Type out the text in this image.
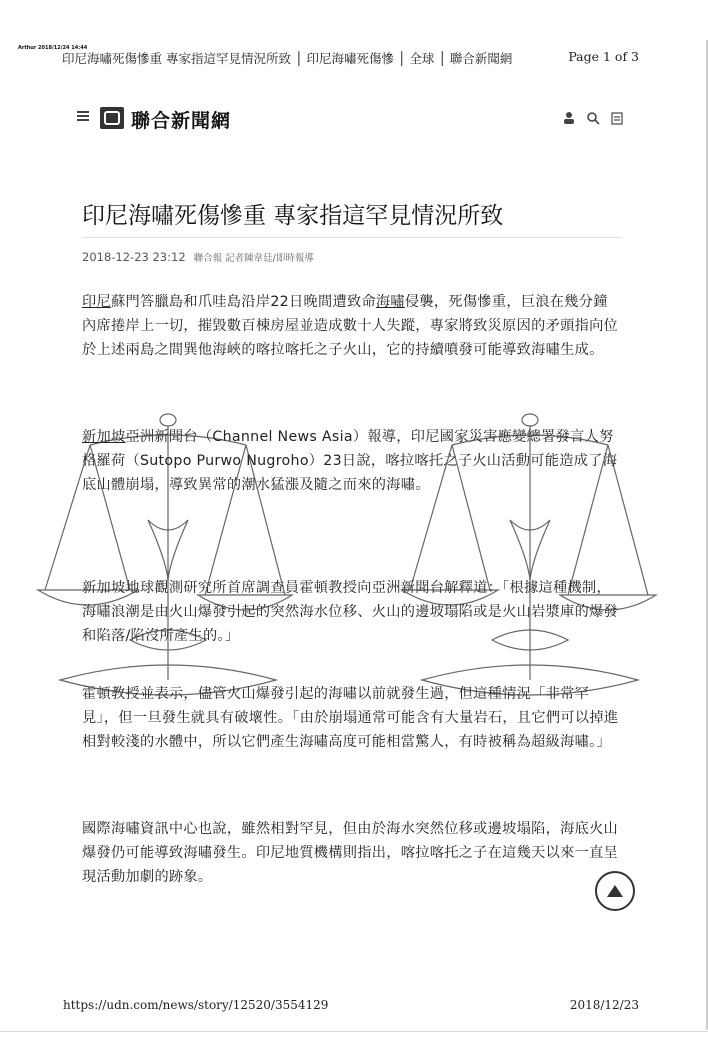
Arthur 2018/12/24 14:44
印尼海嘯死傷慘重 專家指這罕見情況所致 │ 印尼海嘯死傷慘 │ 全球 │ 聯合新聞網	Page 1 of 3
聯合新聞網
印尼海嘯死傷慘重 專家指這罕見情況所致
2018-12-23 23:12 聯合報 記者陳韋廷/即時報導

印尼蘇門答臘島和爪哇島沿岸22日晚間遭致命海嘯侵襲，死傷慘重，巨浪在幾分鐘內席捲岸上一切，摧毀數百棟房屋並造成數十人失蹤，專家將致災原因的矛頭指向位於上述兩島之間巽他海峽的喀拉喀托之子火山，它的持續噴發可能導致海嘯生成。

新加坡亞洲新聞台（Channel News Asia）報導，印尼國家災害應變總署發言人努格羅荷（Sutopo Purwo Nugroho）23日說，喀拉喀托之子火山活動可能造成了海底山體崩塌，導致異常的潮水猛漲及隨之而來的海嘯。

新加坡地球觀測研究所首席調查員霍頓教授向亞洲新聞台解釋道：「根據這種機制，海嘯浪潮是由火山爆發引起的突然海水位移、火山的邊坡塌陷或是火山岩漿庫的爆發和陷落/陷沒所產生的。」

霍頓教授並表示，儘管火山爆發引起的海嘯以前就發生過，但這種情況「非常罕見」，但一旦發生就具有破壞性。「由於崩塌通常可能含有大量岩石，且它們可以掉進相對較淺的水體中，所以它們產生海嘯高度可能相當驚人，有時被稱為超級海嘯。」

國際海嘯資訊中心也說，雖然相對罕見，但由於海水突然位移或邊坡塌陷，海底火山爆發仍可能導致海嘯發生。印尼地質機構則指出，喀拉喀托之子在這幾天以來一直呈現活動加劇的跡象。

https://udn.com/news/story/12520/3554129	2018/12/23
